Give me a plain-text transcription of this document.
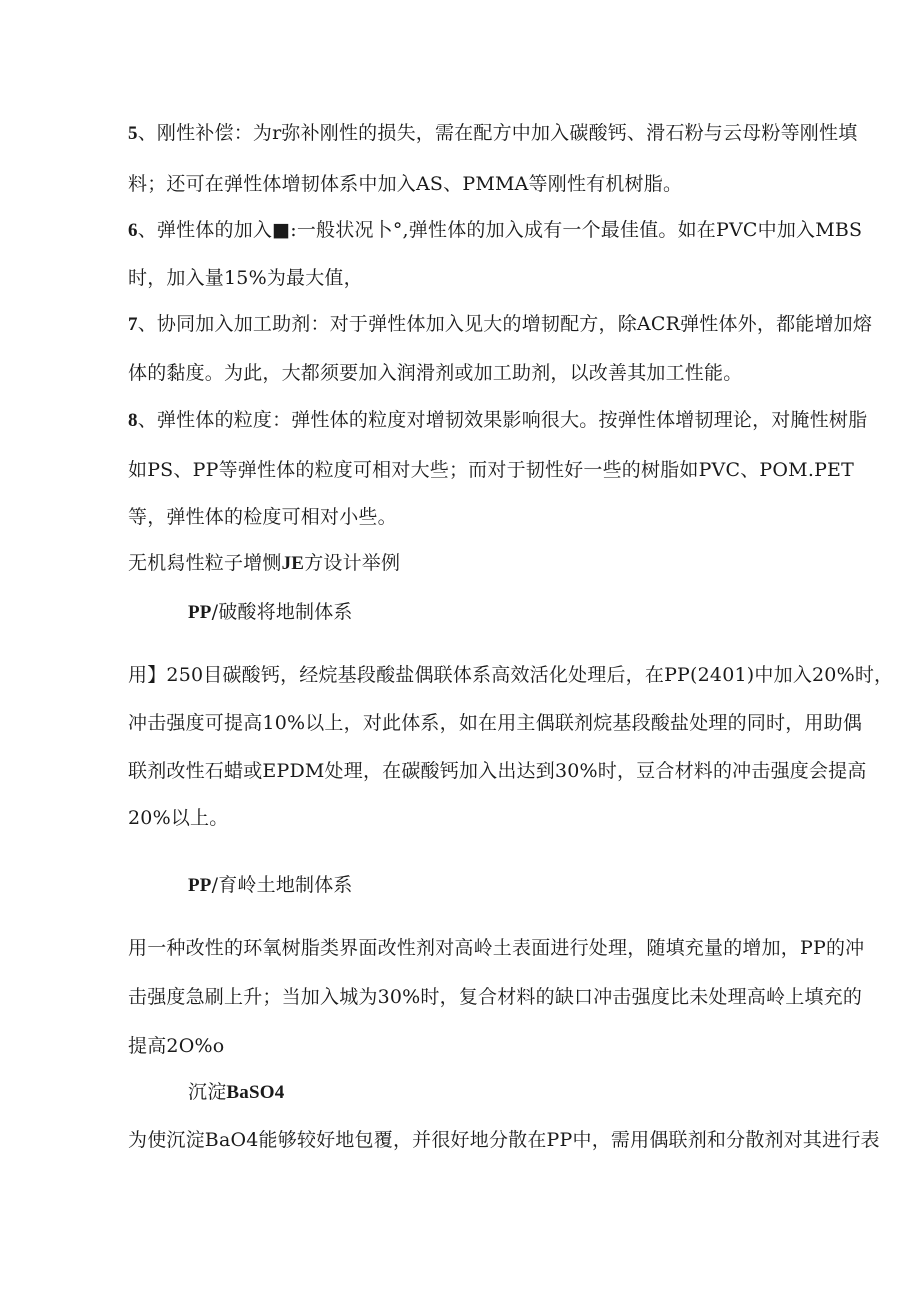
5、刚性补偿：为r弥补刚性的损失，需在配方中加入碳酸钙、滑石粉与云母粉等刚性填
料；还可在弹性体增韧体系中加入AS、PMMA等刚性有机树脂。
6、弹性体的加入■:一般状况卜°,弹性体的加入成有一个最佳值。如在PVC中加入MBS
时，加入量15%为最大值，
7、协同加入加工助剂：对于弹性体加入见大的增韧配方，除ACR弹性体外，都能增加熔
体的黏度。为此，大都须要加入润滑剂或加工助剂，以改善其加工性能。
8、弹性体的粒度：弹性体的粒度对增韧效果影响很大。按弹性体增韧理论，对腌性树脂
如PS、PP等弹性体的粒度可相对大些；而对于韧性好一些的树脂如PVC、POM.PET
等，弹性体的检度可相对小些。
无机舄性粒子增恻JE方设计举例
PP/破酸将地制体系
用】250目碳酸钙，经烷基段酸盐偶联体系高效活化处理后，在PP(2401)中加入20%时，
冲击强度可提高10%以上，对此体系，如在用主偶联剂烷基段酸盐处理的同时，用助偶
联剂改性石蜡或EPDM处理，在碳酸钙加入出达到30%时，豆合材料的冲击强度会提高
20%以上。
PP/育岭土地制体系
用一种改性的环氧树脂类界面改性剂对高岭土表面进行处理，随填充量的增加，PP的冲
击强度急刷上升；当加入城为30%时，复合材料的缺口冲击强度比未处理高岭上填充的
提高2O%o
沉淀BaSO4
为使沉淀BaO4能够较好地包覆，并很好地分散在PP中，需用偶联剂和分散剂对其进行表
